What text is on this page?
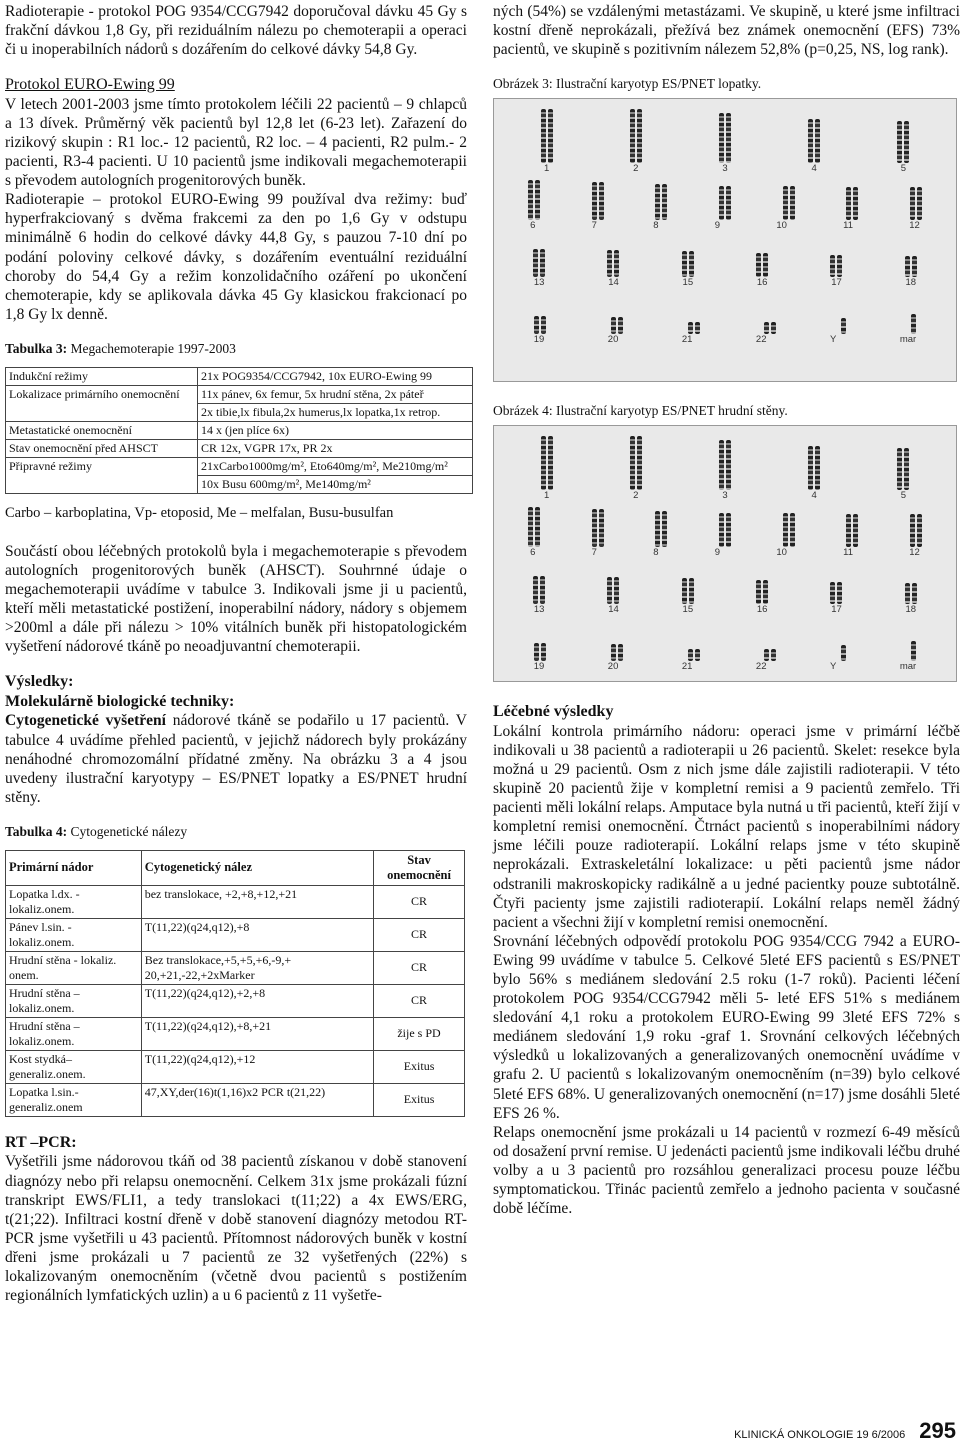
Radioterapie - protokol POG 9354/CCG7942 doporučoval dávku 45 Gy s frakční dávkou 1,8 Gy, při reziduálním nálezu po chemoterapii a operaci či u inoperabilních nádorů s dozářením do celkové dávky 54,8 Gy.

Protokol EURO-Ewing 99

V letech 2001-2003 jsme tímto protokolem léčili 22 pacientů – 9 chlapců a 13 dívek. Průměrný věk pacientů byl 12,8 let (6-23 let). Zařazení do rizikový skupin : R1 loc.- 12 pacientů, R2 loc. – 4 pacienti, R2 pulm.- 2 pacienti, R3-4 pacienti. U 10 pacientů jsme indikovali megachemoterapii s převodem autologních progenitorových buněk.

Radioterapie – protokol EURO-Ewing 99 používal dva režimy: buď hyperfrakciovaný s dvěma frakcemi za den po 1,6 Gy v odstupu minimálně 6 hodin do celkové dávky 44,8 Gy, s pauzou 7-10 dní po podání poloviny celkové dávky, s dozářením eventuální reziduální choroby do 54,4 Gy a režim konzolidačního ozáření po ukončení chemoterapie, kdy se aplikovala dávka 45 Gy klasickou frakcionací po 1,8 Gy lx denně.

Tabulka 3: Megachemoterapie 1997-2003
Indukční režimy	21x POG9354/CCG7942, 10x EURO-Ewing 99
Lokalizace primárního onemocnění	11x pánev, 6x femur, 5x hrudní stěna, 2x páteř
	2x tibie,lx fibula,2x humerus,lx lopatka,1x retrop.
Metastatické onemocnění	14 x (jen plíce 6x)
Stav onemocnění před AHSCT	CR 12x, VGPR 17x, PR 2x
Připravné režimy	21xCarbo1000mg/m², Eto640mg/m², Me210mg/m²
	10x Busu 600mg/m², Me140mg/m²

Carbo – karboplatina, Vp- etoposid, Me – melfalan, Busu-busulfan

Součástí obou léčebných protokolů byla i megachemoterapie s převodem autologních progenitorových buněk (AHSCT). Souhrnné údaje o megachemoterapii uvádíme v tabulce 3. Indikovali jsme ji u pacientů, kteří měli metastatické postižení, inoperabilní nádory, nádory s objemem >200ml a dále při nálezu > 10% vitálních buněk při histopatologickém vyšetření nádorové tkáně po neoadjuvantní chemoterapii.

Výsledky:

Molekulárně biologické techniky:

Cytogenetické vyšetření nádorové tkáně se podařilo u 17 pacientů. V tabulce 4 uvádíme přehled pacientů, v jejichž nádorech byly prokázány nenáhodné chromozomální přídatné změny. Na obrázku 3 a 4 jsou uvedeny ilustrační karyotypy – ES/PNET lopatky a ES/PNET hrudní stěny.

Tabulka 4: Cytogenetické nálezy
Primární nádor	Cytogenetický nález	Stav onemocnění
Lopatka l.dx. - lokaliz.onem.	bez translokace, +2,+8,+12,+21	CR
Pánev l.sin. - lokaliz.onem.	T(11,22)(q24,q12),+8	CR
Hrudní stěna - lokaliz. onem.	Bez translokace,+5,+5,+6,-9,+ 20,+21,-22,+2xMarker	CR
Hrudní stěna – lokaliz.onem.	T(11,22)(q24,q12),+2,+8	CR
Hrudní stěna – lokaliz.onem.	T(11,22)(q24,q12),+8,+21	žije s PD
Kost stydká– generaliz.onem.	T(11,22)(q24,q12),+12	Exitus
Lopatka l.sin.- generaliz.onem	47,XY,der(16)t(1,16)x2 PCR t(21,22)	Exitus

RT –PCR:

Vyšetřili jsme nádorovou tkáň od 38 pacientů získanou v době stanovení diagnózy nebo při relapsu onemocnění. Celkem 31x jsme prokázali fúzní transkript EWS/FLI1, a tedy translokaci t(11;22) a 4x EWS/ERG, t(21;22). Infiltraci kostní dřeně v době stanovení diagnózy metodou RT-PCR jsme vyšetřili u 43 pacientů. Přítomnost nádorových buněk v kostní dřeni jsme prokázali u 7 pacientů ze 32 vyšetřených (22%) s lokalizovaným onemocněním (včetně dvou pacientů s postižením regionálních lymfatických uzlin) a u 6 pacientů z 11 vyšetře-

ných (54%) se vzdálenými metastázami. Ve skupině, u které jsme infiltraci kostní dřeně neprokázali, přežívá bez známek onemocnění (EFS) 73% pacientů, ve skupině s pozitivním nálezem 52,8% (p=0,25, NS, log rank).

Obrázek 3: Ilustrační karyotyp ES/PNET lopatky.
1	2	3	4	5
6	7	8	9	10	11	12
13	14	15	16	17	18
19	20	21	22	Y	mar
Obrázek 4: Ilustrační karyotyp ES/PNET hrudní stěny.
1	2	3	4	5
6	7	8	9	10	11	12
13	14	15	16	17	18
19	20	21	22	Y	mar

Léčebné výsledky

Lokální kontrola primárního nádoru: operaci jsme v primární léčbě indikovali u 38 pacientů a radioterapii u 26 pacientů. Skelet: resekce byla možná u 29 pacientů. Osm z nich jsme dále zajistili radioterapii. V této skupině 20 pacientů žije v kompletní remisi a 9 pacientů zemřelo. Tři pacienti měli lokální relaps. Amputace byla nutná u tři pacientů, kteří žijí v kompletní remisi onemocnění. Čtrnáct pacientů s inoperabilními nádory jsme léčili pouze radioterapií. Lokální relaps jsme v této skupině neprokázali. Extraskeletální lokalizace: u pěti pacientů jsme nádor odstranili makroskopicky radikálně a u jedné pacientky pouze subtotálně. Čtyři pacienty jsme zajistili radioterapií. Lokální relaps neměl žádný pacient a všechni žijí v kompletní remisi onemocnění.

Srovnání léčebných odpovědí protokolu POG 9354/CCG 7942 a EURO-Ewing 99 uvádíme v tabulce 5. Celkové 5leté EFS pacientů s ES/PNET bylo 56% s mediánem sledování 2.5 roku (1-7 roků). Pacienti léčení protokolem POG 9354/CCG7942 měli 5- leté EFS 51% s mediánem sledování 4,1 roku a protokolem EURO-Ewing 99 3leté EFS 72% s mediánem sledování 1,9 roku -graf 1. Srovnání celkových léčebných výsledků u lokalizovaných a generalizovaných onemocnění uvádíme v grafu 2. U pacientů s lokalizovaným onemocněním (n=39) bylo celkové 5leté EFS 68%. U generalizovaných onemocnění (n=17) jsme dosáhli 5leté EFS 26 %.

Relaps onemocnění jsme prokázali u 14 pacientů v rozmezí 6-49 měsíců od dosažení první remise. U jedenácti pacientů jsme indikovali léčbu druhé volby a u 3 pacientů pro rozsáhlou generalizaci procesu pouze léčbu symptomatickou. Třinác pacientů zemřelo a jednoho pacienta v současné době léčíme.

KLINICKÁ ONKOLOGIE 19 6/2006 295
